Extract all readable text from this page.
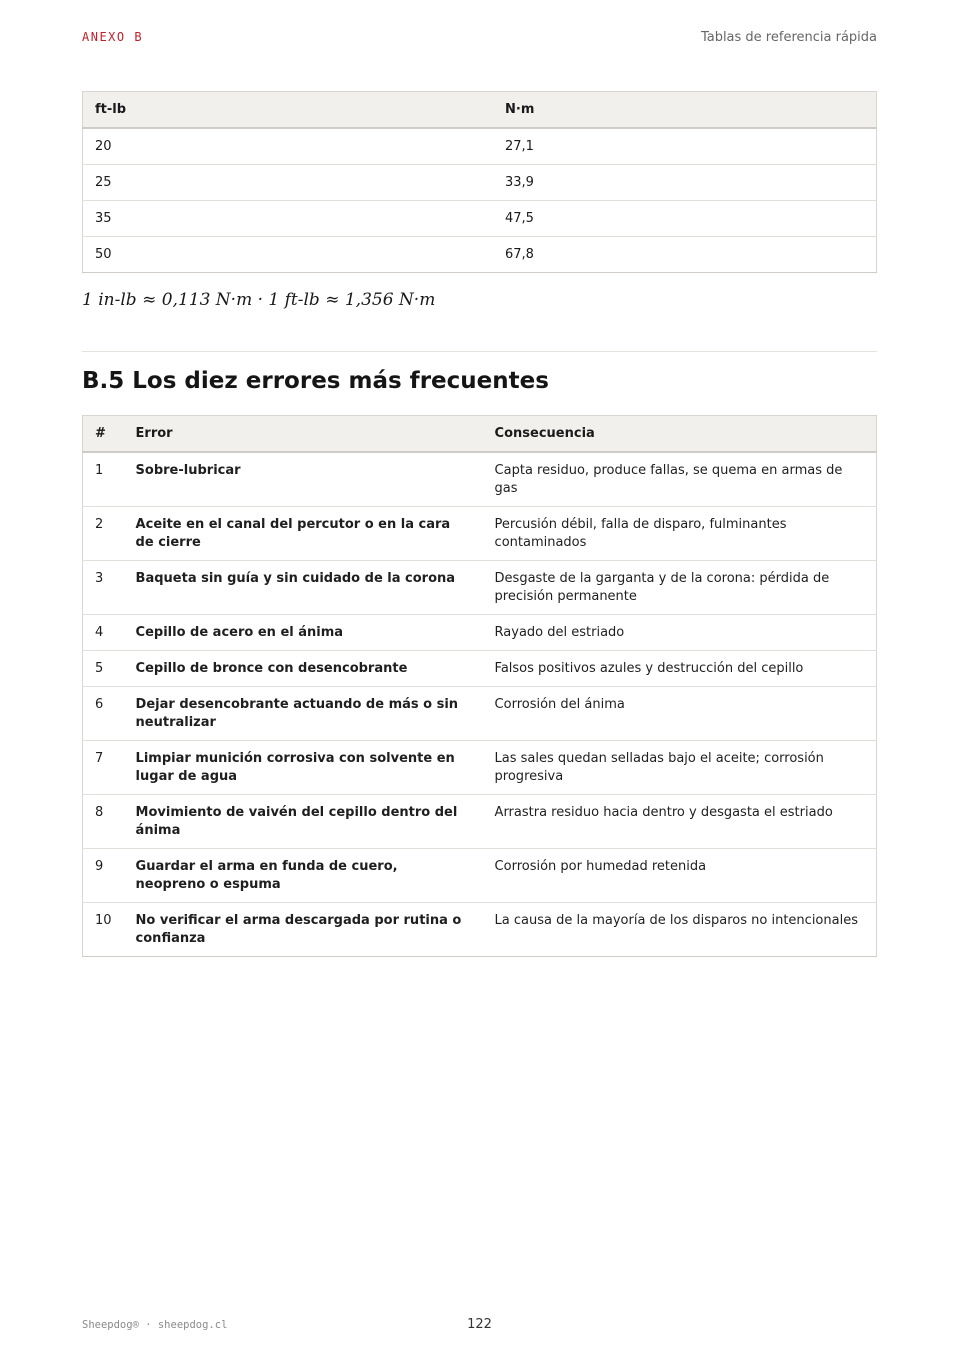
ANEXO B	Tablas de referencia rápida
ft-lb	N·m
20	27,1
25	33,9
35	47,5
50	67,8
1 in-lb ≈ 0,113 N·m · 1 ft-lb ≈ 1,356 N·m
B.5 Los diez errores más frecuentes
#	Error	Consecuencia
1	Sobre-lubricar	Capta residuo, produce fallas, se quema en armas de gas
2	Aceite en el canal del percutor o en la cara de cierre	Percusión débil, falla de disparo, fulminantes contaminados
3	Baqueta sin guía y sin cuidado de la corona	Desgaste de la garganta y de la corona: pérdida de precisión permanente
4	Cepillo de acero en el ánima	Rayado del estriado
5	Cepillo de bronce con desencobrante	Falsos positivos azules y destrucción del cepillo
6	Dejar desencobrante actuando de más o sin neutralizar	Corrosión del ánima
7	Limpiar munición corrosiva con solvente en lugar de agua	Las sales quedan selladas bajo el aceite; corrosión progresiva
8	Movimiento de vaivén del cepillo dentro del ánima	Arrastra residuo hacia dentro y desgasta el estriado
9	Guardar el arma en funda de cuero, neopreno o espuma	Corrosión por humedad retenida
10	No verificar el arma descargada por rutina o confianza	La causa de la mayoría de los disparos no intencionales
Sheepdog® · sheepdog.cl	122
